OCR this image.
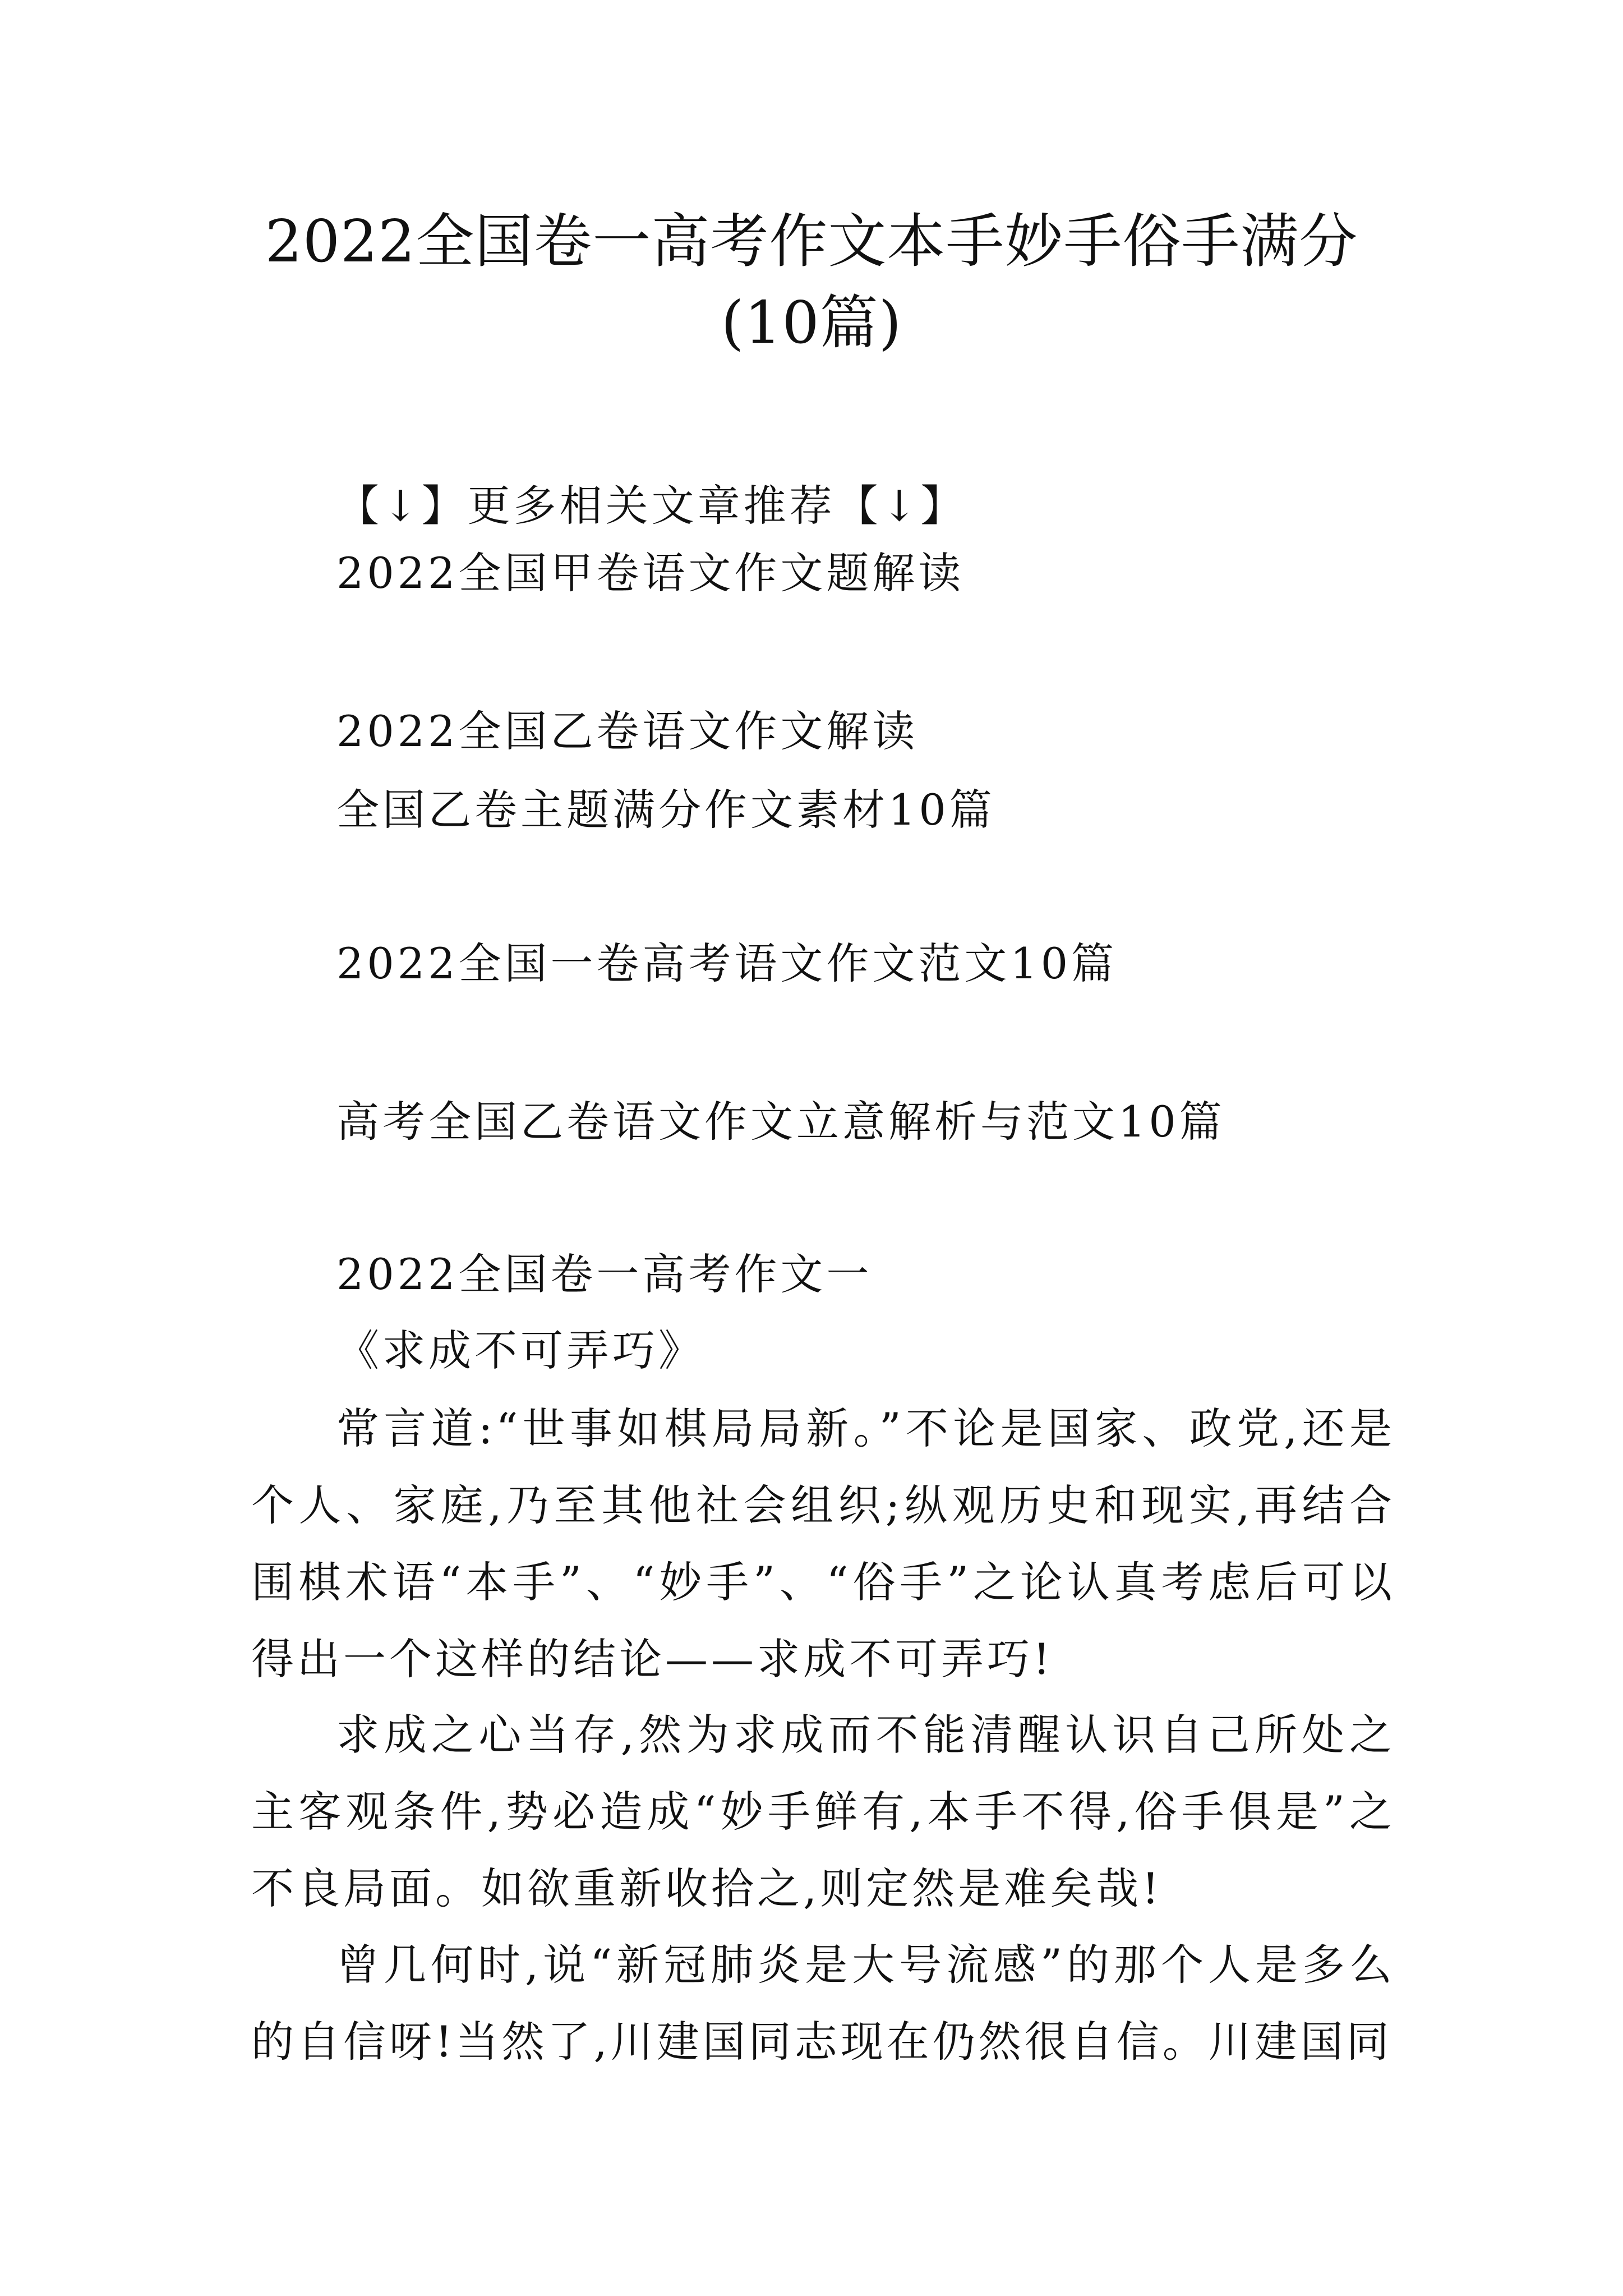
2022全国卷一高考作文本手妙手俗手满分
(10篇)
【↓】更多相关文章推荐【↓】
2022全国甲卷语文作文题解读
2022全国乙卷语文作文解读
全国乙卷主题满分作文素材10篇
2022全国一卷高考语文作文范文10篇
高考全国乙卷语文作文立意解析与范文10篇
2022全国卷一高考作文一
《求成不可弄巧》

常言道:“世事如棋局局新。”不论是国家、政党,还是个人、家庭,乃至其他社会组织;纵观历史和现实,再结合围棋术语“本手”、“妙手”、“俗手”之论认真考虑后可以得出一个这样的结论——求成不可弄巧!

求成之心当存,然为求成而不能清醒认识自己所处之主客观条件,势必造成“妙手鲜有,本手不得,俗手俱是”之不良局面。如欲重新收拾之,则定然是难矣哉!

曾几何时,说“新冠肺炎是大号流感”的那个人是多么的自信呀!当然了,川建国同志现在仍然很自信。川建国同
